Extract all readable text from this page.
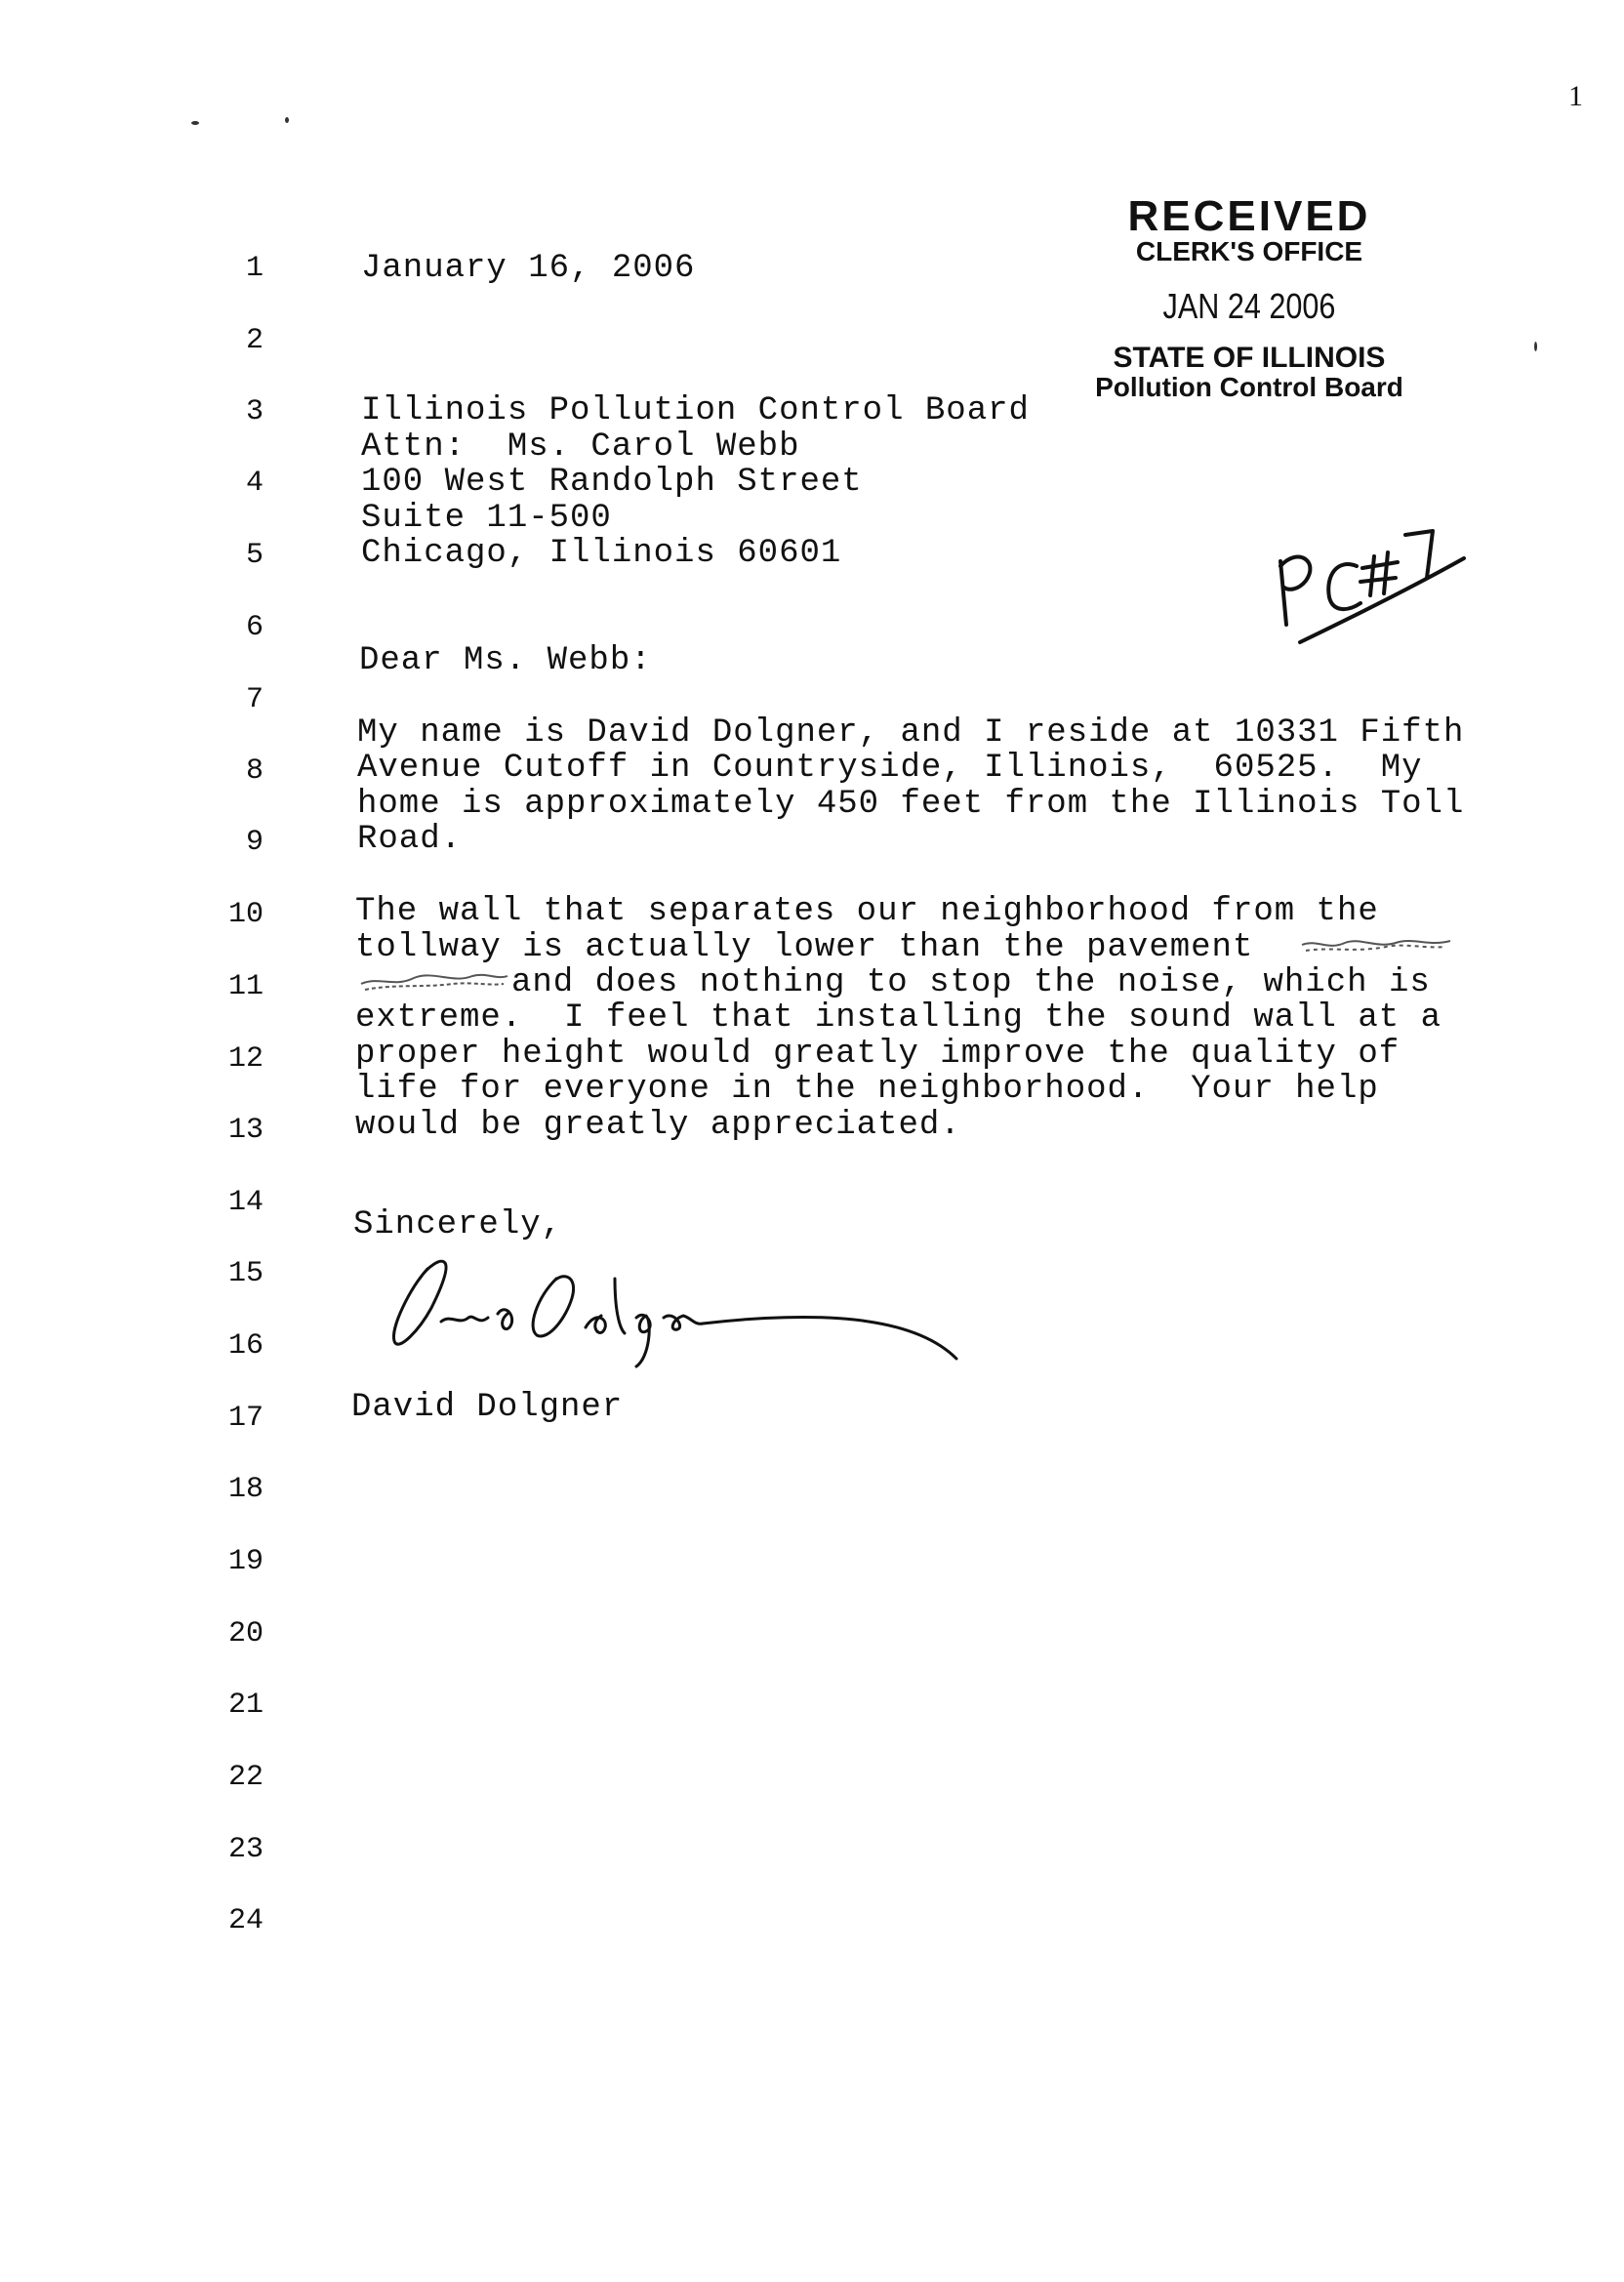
1
RECEIVED
CLERK'S OFFICE
JAN 24 2006
STATE OF ILLINOIS
Pollution Control Board
1
2
3
4
5
6
7
8
9
10
11
12
13
14
15
16
17
18
19
20
21
22
23
24
January 16, 2006
Illinois Pollution Control Board
Attn:  Ms. Carol Webb
100 West Randolph Street
Suite 11-500
Chicago, Illinois 60601
Dear Ms. Webb:
My name is David Dolgner, and I reside at 10331 Fifth
Avenue Cutoff in Countryside, Illinois,  60525.  My
home is approximately 450 feet from the Illinois Toll
Road.
The wall that separates our neighborhood from the
tollway is actually lower than the pavement
and does nothing to stop the noise, which is
extreme.  I feel that installing the sound wall at a
proper height would greatly improve the quality of
life for everyone in the neighborhood.  Your help
would be greatly appreciated.
Sincerely,
David Dolgner
